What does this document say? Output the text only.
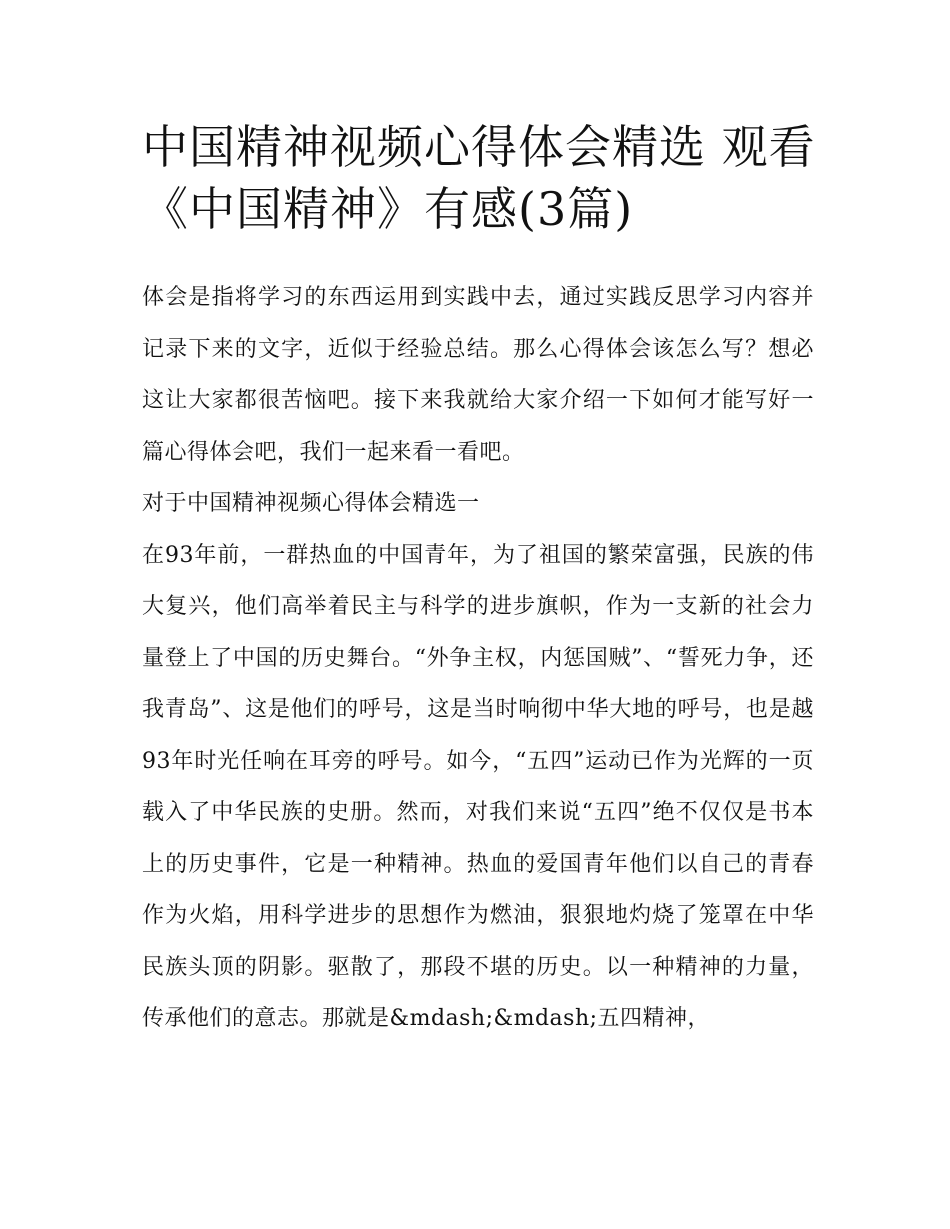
中国精神视频心得体会精选 观看《中国精神》有感(3篇)

体会是指将学习的东西运用到实践中去，通过实践反思学习内容并记录下来的文字，近似于经验总结。那么心得体会该怎么写？想必这让大家都很苦恼吧。接下来我就给大家介绍一下如何才能写好一篇心得体会吧，我们一起来看一看吧。

对于中国精神视频心得体会精选一

在93年前，一群热血的中国青年，为了祖国的繁荣富强，民族的伟大复兴，他们高举着民主与科学的进步旗帜，作为一支新的社会力量登上了中国的历史舞台。“外争主权，内惩国贼”、“誓死力争，还我青岛”、这是他们的呼号，这是当时响彻中华大地的呼号，也是越93年时光任响在耳旁的呼号。如今，“五四”运动已作为光辉的一页载入了中华民族的史册。然而，对我们来说“五四”绝不仅仅是书本上的历史事件，它是一种精神。热血的爱国青年他们以自己的青春作为火焰，用科学进步的思想作为燃油，狠狠地灼烧了笼罩在中华民族头顶的阴影。驱散了，那段不堪的历史。以一种精神的力量，传承他们的意志。那就是&mdash;&mdash;五四精神，
